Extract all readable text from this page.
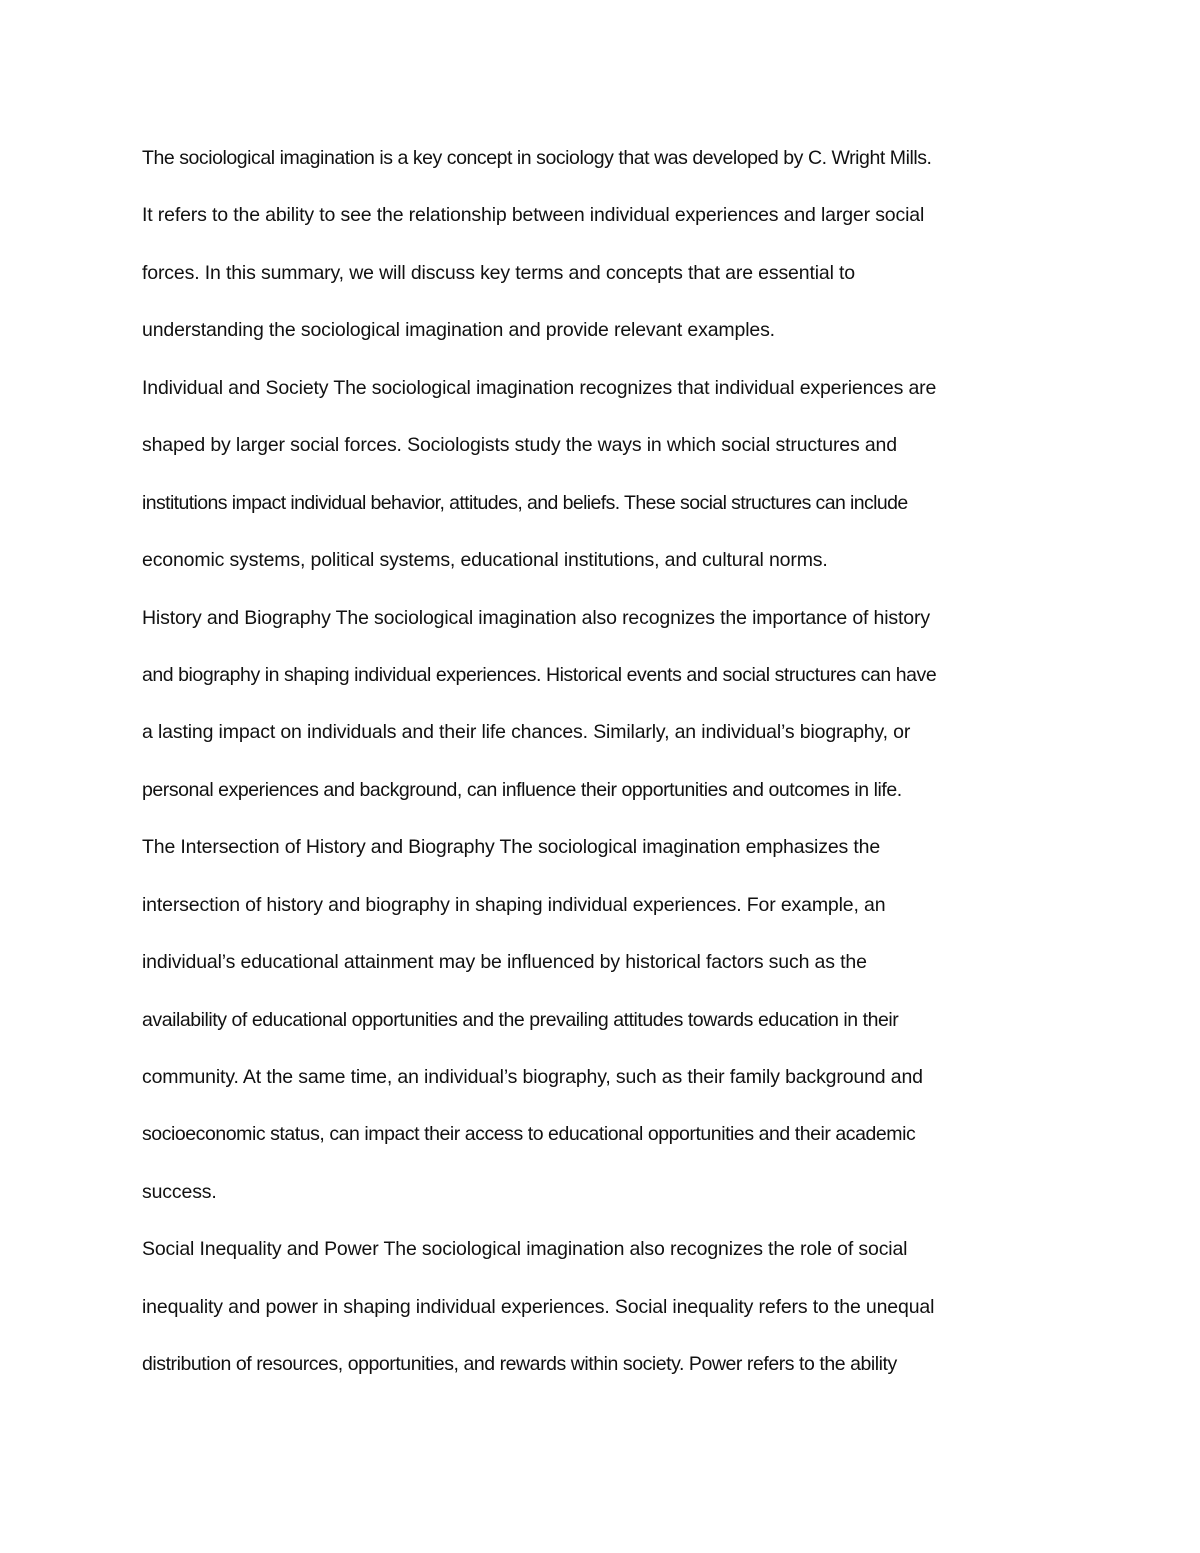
The sociological imagination is a key concept in sociology that was developed by C. Wright Mills.
It refers to the ability to see the relationship between individual experiences and larger social
forces. In this summary, we will discuss key terms and concepts that are essential to
understanding the sociological imagination and provide relevant examples.
Individual and Society The sociological imagination recognizes that individual experiences are
shaped by larger social forces. Sociologists study the ways in which social structures and
institutions impact individual behavior, attitudes, and beliefs. These social structures can include
economic systems, political systems, educational institutions, and cultural norms.
History and Biography The sociological imagination also recognizes the importance of history
and biography in shaping individual experiences. Historical events and social structures can have
a lasting impact on individuals and their life chances. Similarly, an individual’s biography, or
personal experiences and background, can influence their opportunities and outcomes in life.
The Intersection of History and Biography The sociological imagination emphasizes the
intersection of history and biography in shaping individual experiences. For example, an
individual’s educational attainment may be influenced by historical factors such as the
availability of educational opportunities and the prevailing attitudes towards education in their
community. At the same time, an individual’s biography, such as their family background and
socioeconomic status, can impact their access to educational opportunities and their academic
success.
Social Inequality and Power The sociological imagination also recognizes the role of social
inequality and power in shaping individual experiences. Social inequality refers to the unequal
distribution of resources, opportunities, and rewards within society. Power refers to the ability
